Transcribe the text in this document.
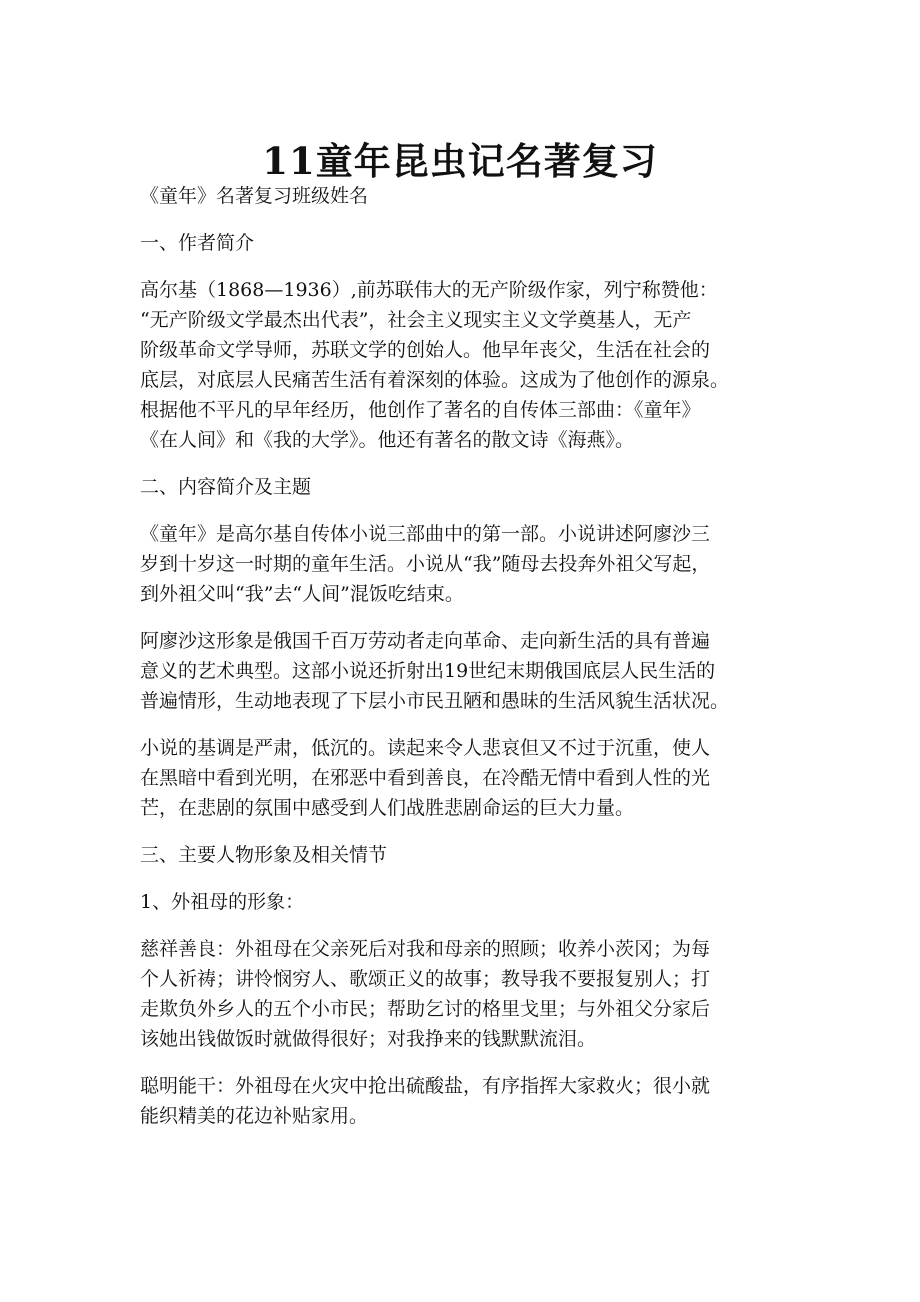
11童年昆虫记名著复习

《童年》名著复习班级姓名

一、作者简介

高尔基（1868—1936）,前苏联伟大的无产阶级作家，列宁称赞他：
“无产阶级文学最杰出代表”，社会主义现实主义文学奠基人，无产
阶级革命文学导师，苏联文学的创始人。他早年丧父，生活在社会的
底层，对底层人民痛苦生活有着深刻的体验。这成为了他创作的源泉。
根据他不平凡的早年经历，他创作了著名的自传体三部曲：《童年》
《在人间》和《我的大学》。他还有著名的散文诗《海燕》。

二、内容简介及主题

《童年》是高尔基自传体小说三部曲中的第一部。小说讲述阿廖沙三
岁到十岁这一时期的童年生活。小说从“我”随母去投奔外祖父写起，
到外祖父叫“我”去“人间”混饭吃结束。

阿廖沙这形象是俄国千百万劳动者走向革命、走向新生活的具有普遍
意义的艺术典型。这部小说还折射出19世纪末期俄国底层人民生活的
普遍情形，生动地表现了下层小市民丑陋和愚昧的生活风貌生活状况。

小说的基调是严肃，低沉的。读起来令人悲哀但又不过于沉重，使人
在黑暗中看到光明，在邪恶中看到善良，在冷酷无情中看到人性的光
芒，在悲剧的氛围中感受到人们战胜悲剧命运的巨大力量。

三、主要人物形象及相关情节

1、外祖母的形象：

慈祥善良：外祖母在父亲死后对我和母亲的照顾；收养小茨冈；为每
个人祈祷；讲怜悯穷人、歌颂正义的故事；教导我不要报复别人；打
走欺负外乡人的五个小市民；帮助乞讨的格里戈里；与外祖父分家后
该她出钱做饭时就做得很好；对我挣来的钱默默流泪。

聪明能干：外祖母在火灾中抢出硫酸盐，有序指挥大家救火；很小就
能织精美的花边补贴家用。
